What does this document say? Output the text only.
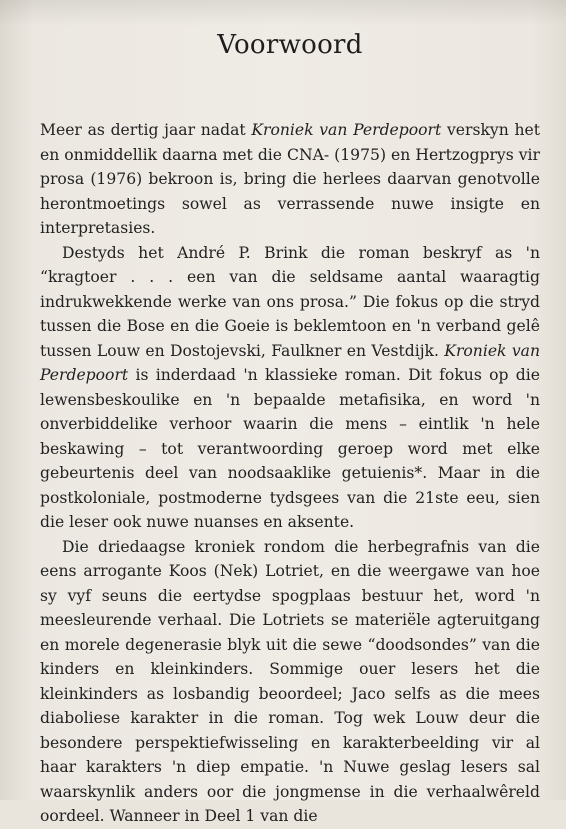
Voorwoord

Meer as dertig jaar nadat Kroniek van Perdepoort verskyn het en onmiddellik daarna met die CNA- (1975) en Hertzogprys vir prosa (1976) bekroon is, bring die herlees daarvan genotvolle herontmoetings sowel as verrassende nuwe insigte en interpretasies.

Destyds het André P. Brink die roman beskryf as 'n “kragtoer . . . een van die seldsame aantal waaragtig indrukwekkende werke van ons prosa.” Die fokus op die stryd tussen die Bose en die Goeie is beklemtoon en 'n verband gelê tussen Louw en Dostojevski, Faulkner en Vestdijk. Kroniek van Perdepoort is inderdaad 'n klassieke roman. Dit fokus op die lewensbeskoulike en 'n bepaalde metafisika, en word 'n onverbiddelike verhoor waarin die mens – eintlik 'n hele beskawing – tot verantwoording geroep word met elke gebeurtenis deel van noodsaaklike getuienis*. Maar in die postkoloniale, postmoderne tydsgees van die 21ste eeu, sien die leser ook nuwe nuanses en aksente.

Die driedaagse kroniek rondom die herbegrafnis van die eens arrogante Koos (Nek) Lotriet, en die weergawe van hoe sy vyf seuns die eertydse spogplaas bestuur het, word 'n meesleurende verhaal. Die Lotriets se materiële agteruitgang en morele degenerasie blyk uit die sewe “doodsondes” van die kinders en kleinkinders. Sommige ouer lesers het die kleinkinders as losbandig beoordeel; Jaco selfs as die mees diaboliese karakter in die roman. Tog wek Louw deur die besondere perspektiefwisseling en karakterbeelding vir al haar karakters 'n diep empatie. 'n Nuwe geslag lesers sal waarskynlik anders oor die jongmense in die verhaalwêreld oordeel. Wanneer in Deel 1 van die
